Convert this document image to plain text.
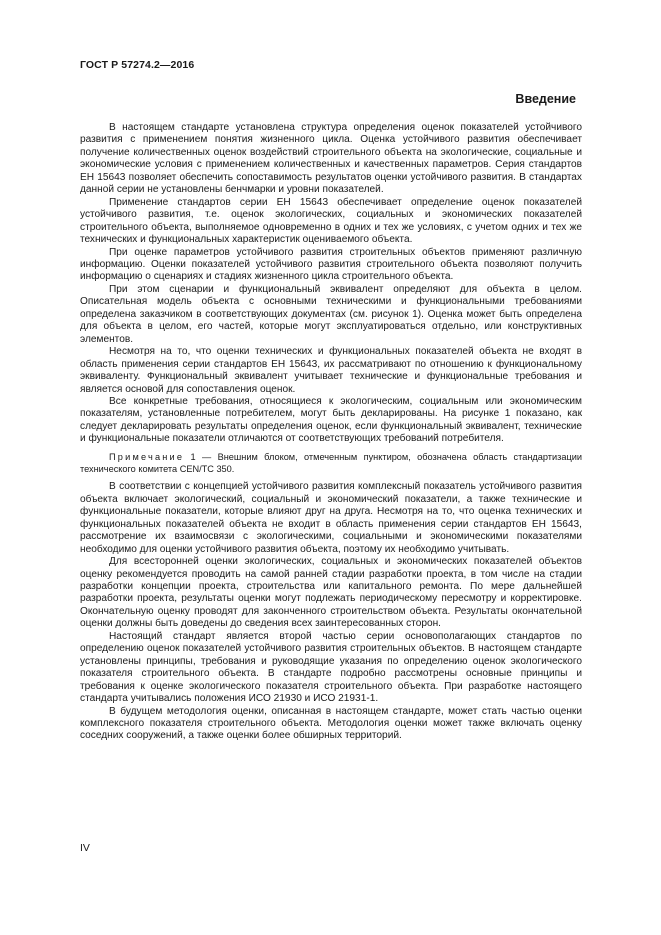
ГОСТ Р 57274.2—2016
Введение

В настоящем стандарте установлена структура определения оценок показателей устойчивого развития с применением понятия жизненного цикла. Оценка устойчивого развития обеспечивает получение количественных оценок воздействий строительного объекта на экологические, социальные и экономические условия с применением количественных и качественных параметров. Серия стандартов ЕН 15643 позволяет обеспечить сопоставимость результатов оценки устойчивого развития. В стандартах данной серии не установлены бенчмарки и уровни показателей.

Применение стандартов серии ЕН 15643 обеспечивает определение оценок показателей устойчивого развития, т.е. оценок экологических, социальных и экономических показателей строительного объекта, выполняемое одновременно в одних и тех же условиях, с учетом одних и тех же технических и функциональных характеристик оцениваемого объекта.

При оценке параметров устойчивого развития строительных объектов применяют различную информацию. Оценки показателей устойчивого развития строительного объекта позволяют получить информацию о сценариях и стадиях жизненного цикла строительного объекта.

При этом сценарии и функциональный эквивалент определяют для объекта в целом. Описательная модель объекта с основными техническими и функциональными требованиями определена заказчиком в соответствующих документах (см. рисунок 1). Оценка может быть определена для объекта в целом, его частей, которые могут эксплуатироваться отдельно, или конструктивных элементов.

Несмотря на то, что оценки технических и функциональных показателей объекта не входят в область применения серии стандартов ЕН 15643, их рассматривают по отношению к функциональному эквиваленту. Функциональный эквивалент учитывает технические и функциональные требования и является основой для сопоставления оценок.

Все конкретные требования, относящиеся к экологическим, социальным или экономическим показателям, установленные потребителем, могут быть декларированы. На рисунке 1 показано, как следует декларировать результаты определения оценок, если функциональный эквивалент, технические и функциональные показатели отличаются от соответствующих требований потребителя.

Примечание 1 — Внешним блоком, отмеченным пунктиром, обозначена область стандартизации технического комитета CEN/TC 350.

В соответствии с концепцией устойчивого развития комплексный показатель устойчивого развития объекта включает экологический, социальный и экономический показатели, а также технические и функциональные показатели, которые влияют друг на друга. Несмотря на то, что оценка технических и функциональных показателей объекта не входит в область применения серии стандартов ЕН 15643, рассмотрение их взаимосвязи с экологическими, социальными и экономическими показателями необходимо для оценки устойчивого развития объекта, поэтому их необходимо учитывать.

Для всесторонней оценки экологических, социальных и экономических показателей объектов оценку рекомендуется проводить на самой ранней стадии разработки проекта, в том числе на стадии разработки концепции проекта, строительства или капитального ремонта. По мере дальнейшей разработки проекта, результаты оценки могут подлежать периодическому пересмотру и корректировке. Окончательную оценку проводят для законченного строительством объекта. Результаты окончательной оценки должны быть доведены до сведения всех заинтересованных сторон.

Настоящий стандарт является второй частью серии основополагающих стандартов по определению оценок показателей устойчивого развития строительных объектов. В настоящем стандарте установлены принципы, требования и руководящие указания по определению оценок экологического показателя строительного объекта. В стандарте подробно рассмотрены основные принципы и требования к оценке экологического показателя строительного объекта. При разработке настоящего стандарта учитывались положения ИСО 21930 и ИСО 21931-1.

В будущем методология оценки, описанная в настоящем стандарте, может стать частью оценки комплексного показателя строительного объекта. Методология оценки может также включать оценку соседних сооружений, а также оценки более обширных территорий.

IV
